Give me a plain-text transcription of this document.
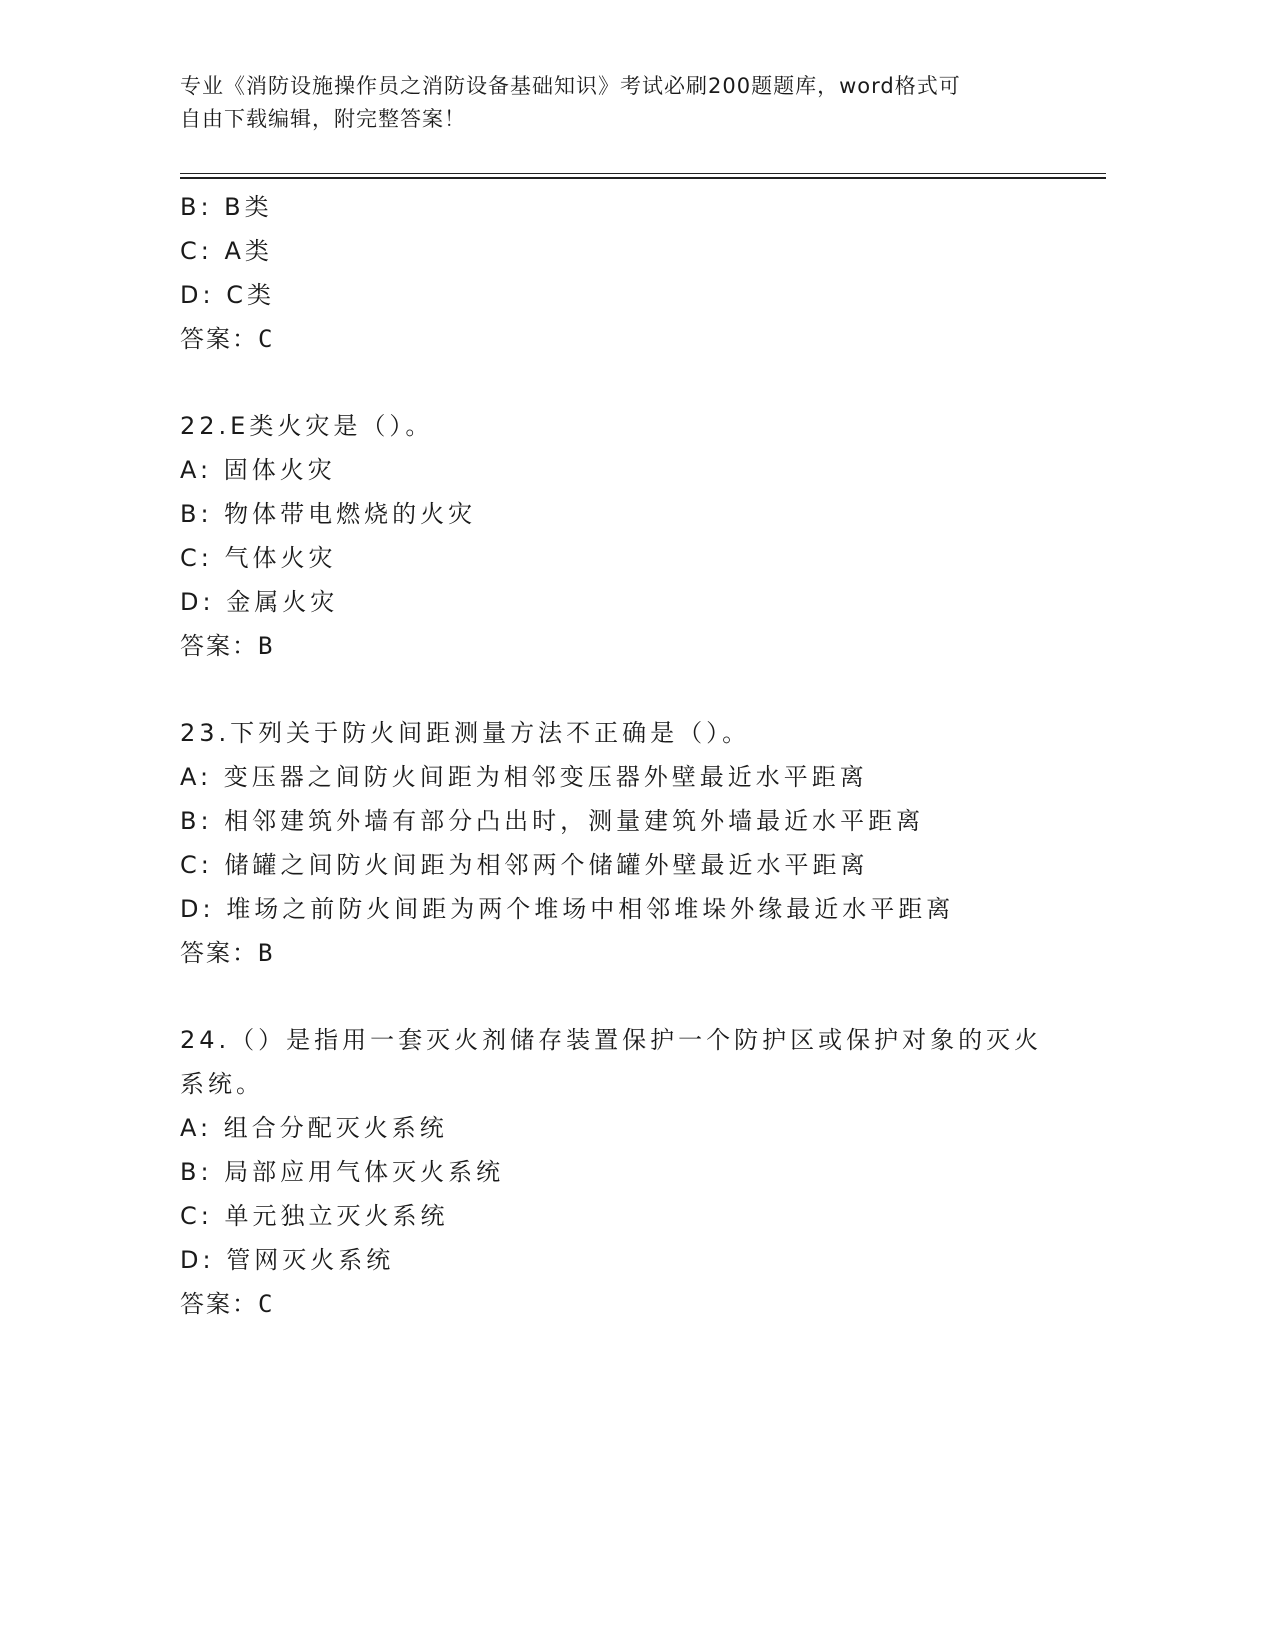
专业《消防设施操作员之消防设备基础知识》考试必刷200题题库，word格式可
自由下载编辑，附完整答案！
B: B类
C: A类
D: C类
答案：C
22.E类火灾是（）。
A: 固体火灾
B: 物体带电燃烧的火灾
C: 气体火灾
D: 金属火灾
答案：B
23.下列关于防火间距测量方法不正确是（）。
A: 变压器之间防火间距为相邻变压器外壁最近水平距离
B: 相邻建筑外墙有部分凸出时，测量建筑外墙最近水平距离
C: 储罐之间防火间距为相邻两个储罐外壁最近水平距离
D: 堆场之前防火间距为两个堆场中相邻堆垛外缘最近水平距离
答案：B
24.（）是指用一套灭火剂储存装置保护一个防护区或保护对象的灭火
系统。
A: 组合分配灭火系统
B: 局部应用气体灭火系统
C: 单元独立灭火系统
D: 管网灭火系统
答案：C
